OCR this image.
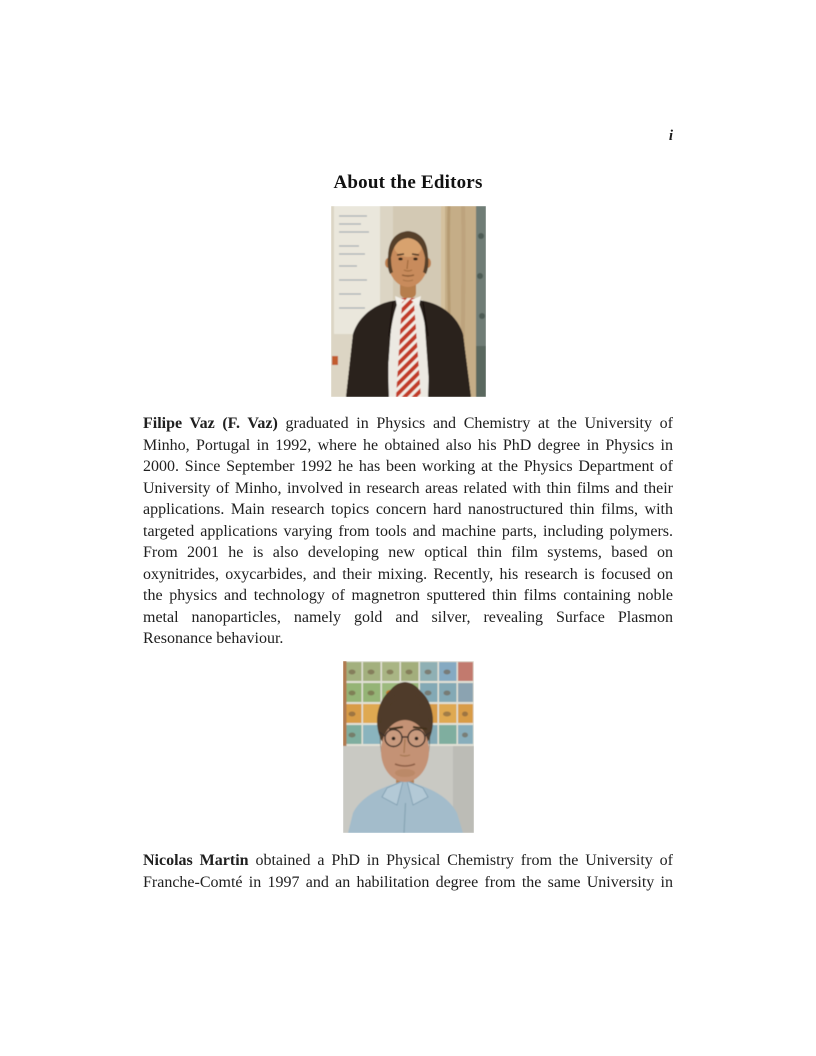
i
About the Editors

Filipe Vaz (F. Vaz) graduated in Physics and Chemistry at the University of Minho, Portugal in 1992, where he obtained also his PhD degree in Physics in 2000. Since September 1992 he has been working at the Physics Department of University of Minho, involved in research areas related with thin films and their applications. Main research topics concern hard nanostructured thin films, with targeted applications varying from tools and machine parts, including polymers. From 2001 he is also developing new optical thin film systems, based on oxynitrides, oxycarbides, and their mixing. Recently, his research is focused on the physics and technology of magnetron sputtered thin films containing noble metal nanoparticles, namely gold and silver, revealing Surface Plasmon Resonance behaviour.

Nicolas Martin obtained a PhD in Physical Chemistry from the University of Franche-Comté in 1997 and an habilitation degree from the same University in
